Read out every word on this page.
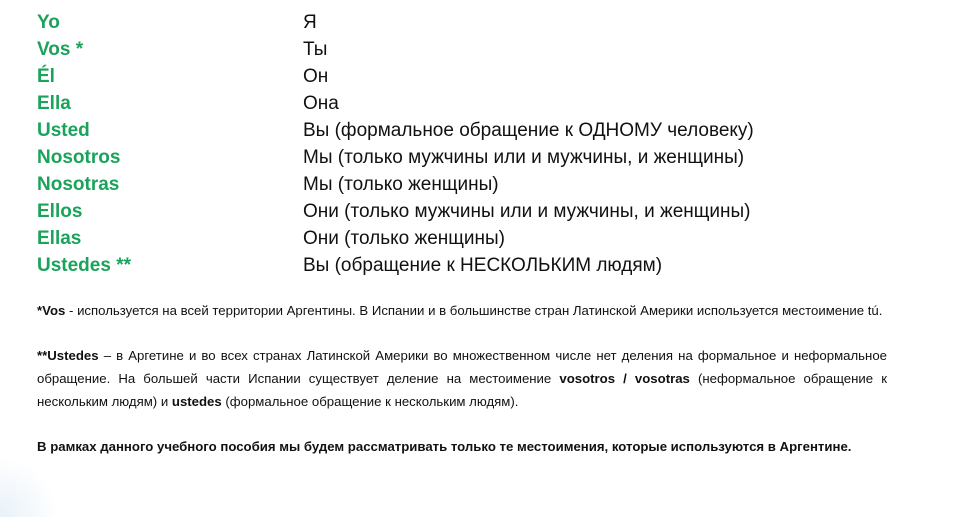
Yo	Я
Vos *	Ты
Él	Он
Ella	Она
Usted	Вы (формальное обращение к ОДНОМУ человеку)
Nosotros	Мы (только мужчины или и мужчины, и женщины)
Nosotras	Мы (только женщины)
Ellos	Они (только мужчины или и мужчины, и женщины)
Ellas	Они (только женщины)
Ustedes **	Вы (обращение к НЕСКОЛЬКИМ людям)

*Vos - используется на всей территории Аргентины. В Испании и в большинстве стран Латинской Америки используется местоимение tú.

**Ustedes – в Аргетине и во всех странах Латинской Америки во множественном числе нет деления на формальное и неформальное обращение. На большей части Испании существует деление на местоимение vosotros / vosotras (неформальное обращение к нескольким людям) и ustedes (формальное обращение к нескольким людям).

В рамках данного учебного пособия мы будем рассматривать только те местоимения, которые используются в Аргентине.
